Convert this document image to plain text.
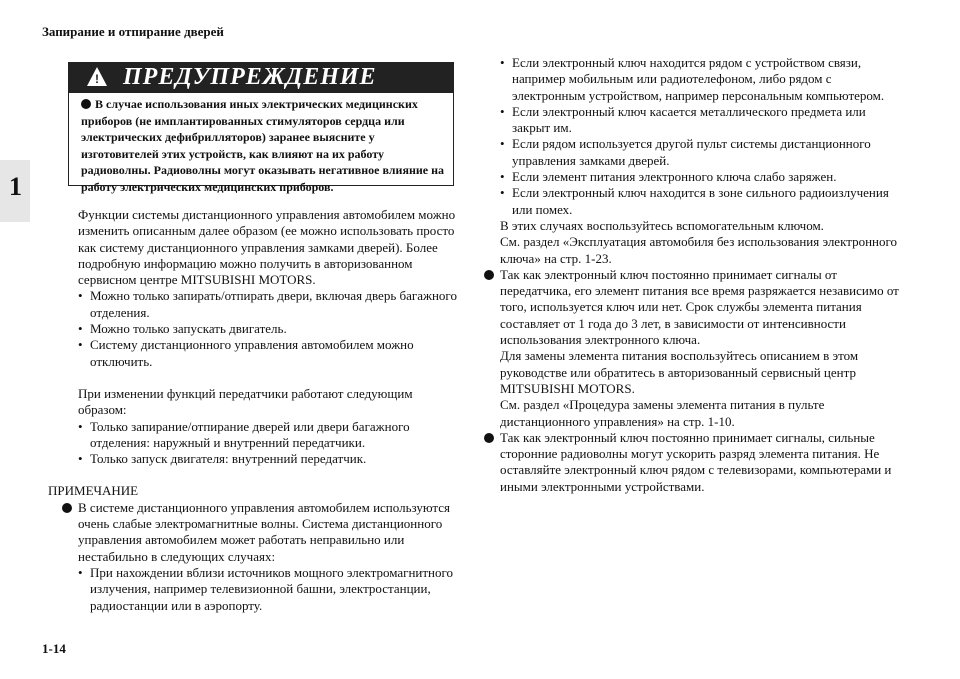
Запирание и отпирание дверей
1
! ПРЕДУПРЕЖДЕНИЕ
В случае использования иных электрических медицинских приборов (не имплантированных стимуляторов сердца или электрических дефибрилляторов) заранее выясните у изготовителей этих устройств, как влияют на их работу радиоволны. Радиоволны могут оказывать негативное влияние на работу электрических медицинских приборов.

Функции системы дистанционного управления автомобилем можно изменить описанным далее образом (ее можно использовать просто как систему дистанционного управления замками дверей). Более подробную информацию можно получить в авторизованном сервисном центре MITSUBISHI MOTORS.

• Можно только запирать/отпирать двери, включая дверь багажного отделения.
• Можно только запускать двигатель.
• Систему дистанционного управления автомобилем можно отключить.

При изменении функций передатчики работают следующим образом:

• Только запирание/отпирание дверей или двери багажного отделения: наружный и внутренний передатчики.
• Только запуск двигателя: внутренний передатчик.

ПРИМЕЧАНИЕ

В системе дистанционного управления автомобилем используются очень слабые электромагнитные волны. Система дистанционного управления автомобилем может работать неправильно или нестабильно в следующих случаях:

• При нахождении вблизи источников мощного электромагнитного излучения, например телевизионной башни, электростанции, радиостанции или в аэропорту.
• Если электронный ключ находится рядом с устройством связи, например мобильным или радиотелефоном, либо рядом с электронным устройством, например персональным компьютером.
• Если электронный ключ касается металлического предмета или закрыт им.
• Если рядом используется другой пульт системы дистанционного управления замками дверей.
• Если элемент питания электронного ключа слабо заряжен.
• Если электронный ключ находится в зоне сильного радиоизлучения или помех.

В этих случаях воспользуйтесь вспомогательным ключом.

См. раздел «Эксплуатация автомобиля без использования электронного ключа» на стр. 1-23.

Так как электронный ключ постоянно принимает сигналы от передатчика, его элемент питания все время разряжается независимо от того, используется ключ или нет. Срок службы элемента питания составляет от 1 года до 3 лет, в зависимости от интенсивности использования электронного ключа.

Для замены элемента питания воспользуйтесь описанием в этом руководстве или обратитесь в авторизованный сервисный центр MITSUBISHI MOTORS.

См. раздел «Процедура замены элемента питания в пульте дистанционного управления» на стр. 1-10.

Так как электронный ключ постоянно принимает сигналы, сильные сторонние радиоволны могут ускорить разряд элемента питания. Не оставляйте электронный ключ рядом с телевизорами, компьютерами и иными электронными устройствами.

1-14
